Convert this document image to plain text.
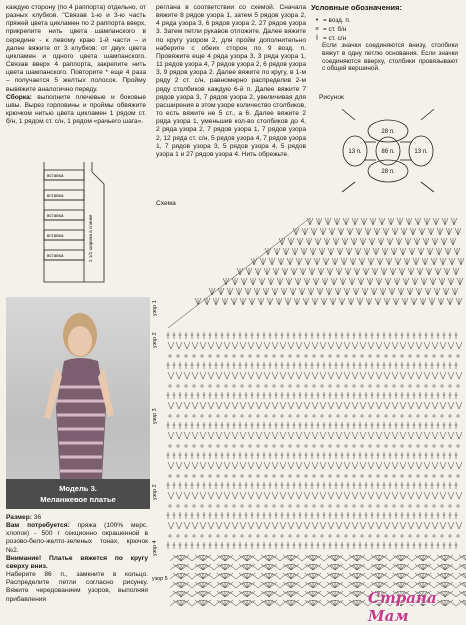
каждую сторону (по 4 раппорта) отдельно, от разных клубков. "Связав 1-ю и 3-ю часть пряжей цвета цикламен по 2 раппорта вверх, прикрепите нить цвета шампанского в середине - к левому краю 1-й части – и далее вяжите от 3 клубков: от двух цвета цикламен и одного цвета шампанского. Связав вверх 4 раппорта, закрепите нить цвета шампанского. Повторите * еще 4 раза – получается 5 желтых полосок. Пройму вывяжите аналогично переду.
Сборка: выполните плечевые и боковые швы. Вырез горловины и проймы обвяжите крючком нитью цвета цикламен 1 рядом ст. б/н, 1 рядом ст. с/н, 1 рядом «рачьего шага».
регланa в соответствии со схемой. Сначала вяжите 8 рядов узора 1, затем 5 рядов узора 2, 4 ряда узора 3, 6 рядов узора 2, 27 рядов узора 3. Затем петли рукавов отложите. Далее вяжите по кругу узором 2, для пройм дополнительно наберите с обеих сторон по 9 возд. п. Провяжите еще 4 ряда узора 3, 3 ряда узора 1, 11 рядов узора 4, 7 рядов узора 2, 6 рядов узора 3, 9 рядов узора 2. Далее вяжите по кругу, в 1-м ряду 2 ст. с/н, равномерно распределив 2-м ряду столбиков каждую 6-й п. Далее вяжите 7 рядов узора 3, 7 рядов узора 2, увеличивая для расширения в этом узоре количество столбиков, то есть вяжите не 5 ст., а 6. Далее вяжите 2 ряда узора 1, уменьшив кол-во столбиков до 4, 2 ряда узора 2, 7 рядов узора 1, 7 рядов узора 2, 12 ряда ст. с/н, 5 рядов узора 4, 7 рядов узора 1, 7 рядов узора 3, 5 рядов узора 4, 5 рядов узора 1 и 27 рядов узора 4. Нить обрежьте.
Условные обозначения:
• = возд. п.
× = ст. б/н
ƚ = ст. с/н
Если значки соединяются внизу, столбики вяжут в одну петлю основания. Если значки соединяются вверху, столбики провязывают с общей вершиной.
Рисунок
28 п.
13 п.	86 п.	13 п.
28 п.
вставка
вставка
вставка
вставка
вставка	2 1/2 ширина в спинке
Модель 3.
Меланжевое платье
Размер: 36
Вам потребуется: пряжа (100% мерс. хлопок) - 500 г секционно окрашенной в розово-бело-желто-зеленых тонах, крючок №2.
Внимание! Платье вяжется по кругу сверху вниз.
Наберите 86 п., замкните в кольцо. Распределите петли согласно рисунку. Вяжите чередованием узоров, выполняя прибавления
Схема
узор 1
узор 2
узор 3
узор 2
узор 4
узор 5
Страна Мам
